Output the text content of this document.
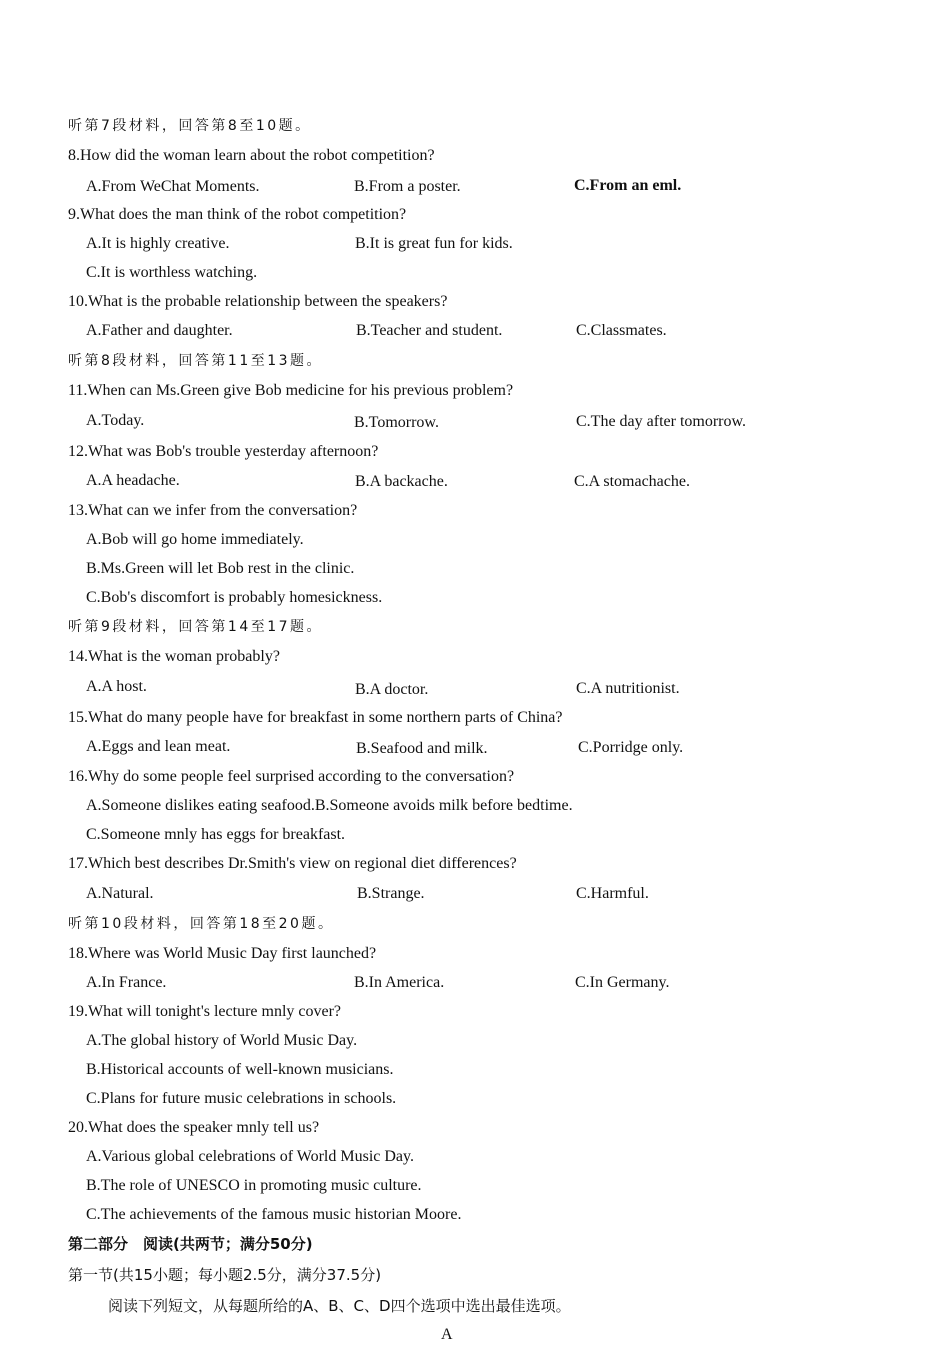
听第7段材料，回答第8至10题。
8.How did the woman learn about the robot competition?
A.From WeChat Moments.	B.From a poster.	C.From an eml.
9.What does the man think of the robot competition?
A.It is highly creative.	B.It is great fun for kids.
C.It is worthless watching.
10.What is the probable relationship between the speakers?
A.Father and daughter.	B.Teacher and student.	C.Classmates.
听第8段材料，回答第11至13题。
11.When can Ms.Green give Bob medicine for his previous problem?
A.Today.	B.Tomorrow.	C.The day after tomorrow.
12.What was Bob's trouble yesterday afternoon?
A.A headache.	B.A backache.	C.A stomachache.
13.What can we infer from the conversation?
A.Bob will go home immediately.
B.Ms.Green will let Bob rest in the clinic.
C.Bob's discomfort is probably homesickness.
听第9段材料，回答第14至17题。
14.What is the woman probably?
A.A host.	B.A doctor.	C.A nutritionist.
15.What do many people have for breakfast in some northern parts of China?
A.Eggs and lean meat.	B.Seafood and milk.	C.Porridge only.
16.Why do some people feel surprised according to the conversation?
A.Someone dislikes eating seafood.B.Someone avoids milk before bedtime.
C.Someone mnly has eggs for breakfast.
17.Which best describes Dr.Smith's view on regional diet differences?
A.Natural.	B.Strange.	C.Harmful.
听第10段材料，回答第18至20题。
18.Where was World Music Day first launched?
A.In France.	B.In America.	C.In Germany.
19.What will tonight's lecture mnly cover?
A.The global history of World Music Day.
B.Historical accounts of well-known musicians.
C.Plans for future music celebrations in schools.
20.What does the speaker mnly tell us?
A.Various global celebrations of World Music Day.
B.The role of UNESCO in promoting music culture.
C.The achievements of the famous music historian Moore.
第二部分　阅读(共两节；满分50分)
第一节(共15小题；每小题2.5分，满分37.5分)
阅读下列短文，从每题所给的A、B、C、D四个选项中选出最佳选项。
A
